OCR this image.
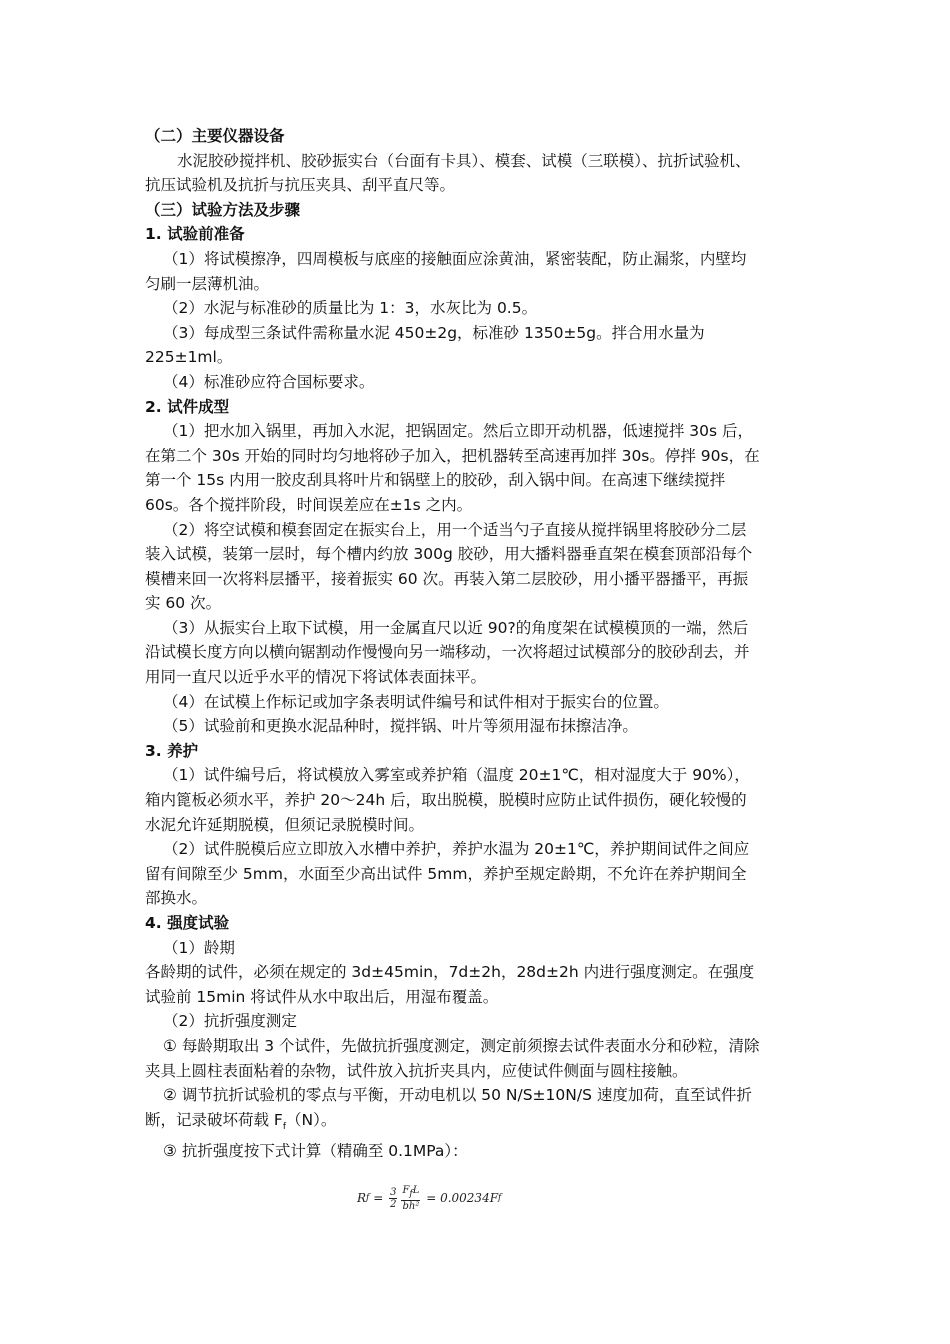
（二）主要仪器设备

水泥胶砂搅拌机、胶砂振实台（台面有卡具）、模套、试模（三联模）、抗折试验机、

抗压试验机及抗折与抗压夹具、刮平直尺等。

（三）试验方法及步骤

1. 试验前准备

（1）将试模擦净，四周模板与底座的接触面应涂黄油，紧密装配，防止漏浆，内壁均

匀刷一层薄机油。

（2）水泥与标准砂的质量比为 1：3，水灰比为 0.5。

（3）每成型三条试件需称量水泥 450±2g，标准砂 1350±5g。拌合用水量为

225±1ml。

（4）标准砂应符合国标要求。

2. 试件成型

（1）把水加入锅里，再加入水泥，把锅固定。然后立即开动机器，低速搅拌 30s 后，

在第二个 30s 开始的同时均匀地将砂子加入，把机器转至高速再加拌 30s。停拌 90s，在

第一个 15s 内用一胶皮刮具将叶片和锅壁上的胶砂，刮入锅中间。在高速下继续搅拌

60s。各个搅拌阶段，时间误差应在±1s 之内。

（2）将空试模和模套固定在振实台上，用一个适当勺子直接从搅拌锅里将胶砂分二层

装入试模，装第一层时，每个槽内约放 300g 胶砂，用大播料器垂直架在模套顶部沿每个

模槽来回一次将料层播平，接着振实 60 次。再装入第二层胶砂，用小播平器播平，再振

实 60 次。

（3）从振实台上取下试模，用一金属直尺以近 90?的角度架在试模模顶的一端，然后

沿试模长度方向以横向锯割动作慢慢向另一端移动，一次将超过试模部分的胶砂刮去，并

用同一直尺以近乎水平的情况下将试体表面抹平。

（4）在试模上作标记或加字条表明试件编号和试件相对于振实台的位置。

（5）试验前和更换水泥品种时，搅拌锅、叶片等须用湿布抹擦洁净。

3. 养护

（1）试件编号后，将试模放入雾室或养护箱（温度 20±1℃，相对湿度大于 90%），

箱内篦板必须水平，养护 20～24h 后，取出脱模，脱模时应防止试件损伤，硬化较慢的

水泥允许延期脱模，但须记录脱模时间。

（2）试件脱模后应立即放入水槽中养护，养护水温为 20±1℃，养护期间试件之间应

留有间隙至少 5mm，水面至少高出试件 5mm，养护至规定龄期，不允许在养护期间全

部换水。

4. 强度试验

（1）龄期

各龄期的试件，必须在规定的 3d±45min，7d±2h，28d±2h 内进行强度测定。在强度

试验前 15min 将试件从水中取出后，用湿布覆盖。

（2）抗折强度测定

① 每龄期取出 3 个试件，先做抗折强度测定，测定前须擦去试件表面水分和砂粒，清除

夹具上圆柱表面粘着的杂物，试件放入抗折夹具内，应使试件侧面与圆柱接触。

② 调节抗折试验机的零点与平衡，开动电机以 50 N/S±10N/S 速度加荷，直至试件折

断，记录破坏荷载 $F_f(N)$。

③ 抗折强度按下式计算（精确至 0.1MPa）：

R $f = \frac{3}{2} \frac{F_fL}{\text{bh²}} = 0.00234$ F f
